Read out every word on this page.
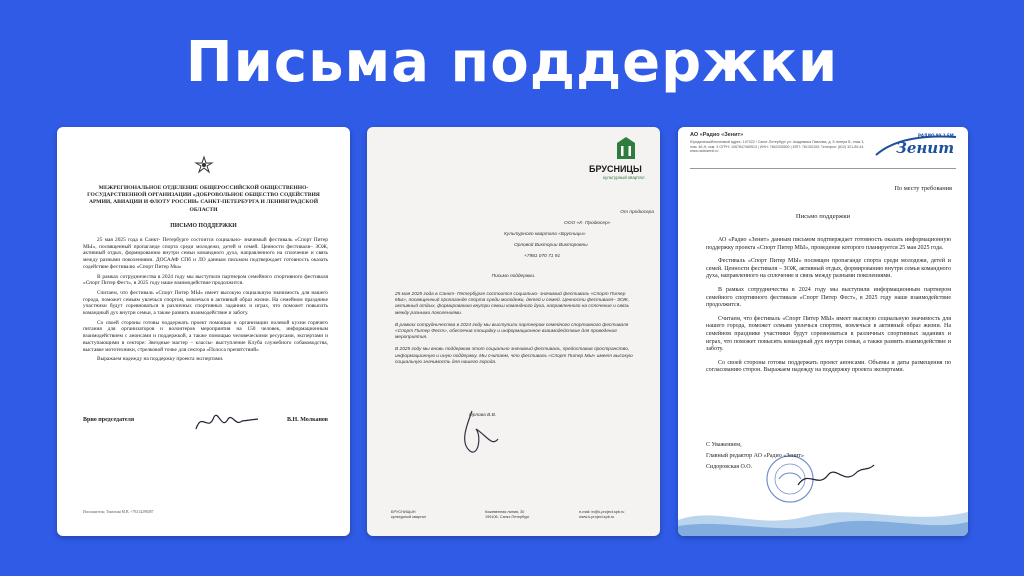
Письма поддержки
МЕЖРЕГИОНАЛЬНОЕ ОТДЕЛЕНИЕ ОБЩЕРОССИЙСКОЙ ОБЩЕСТВЕННО-ГОСУДАРСТВЕННОЙ ОРГАНИЗАЦИИ «ДОБРОВОЛЬНОЕ ОБЩЕСТВО СОДЕЙСТВИЯ АРМИИ, АВИАЦИИ И ФЛОТУ РОССИИ» САНКТ-ПЕТЕРБУРГА И ЛЕНИНГРАДСКОЙ ОБЛАСТИ
ПИСЬМО ПОДДЕРЖКИ

25 мая 2025 года в Санкт- Петербурге состоится социально- значимый фестиваль «Спорт Питер МЫ», посвященный пропаганде спорта среди молодежи, детей и семей. Ценности фестиваля– ЗОЖ, активный отдых, формированию внутри семьи командного духа, направленного на сплочение и связь между разными поколениями. ДОСААФ СПб и ЛО данным письмом подтверждает готовность оказать содействие фестивалю «Спорт Питер Мы»

В рамках сотрудничества в 2024 году мы выступили партнером семейного спортивного фестиваля «Спорт Питер Фест», в 2025 году наше взаимодействие продолжится.

Считаем, что фестиваль «Спорт Питер МЫ» имеет высокую социальную значимость для нашего города, поможет семьям увлечься спортом, вовлечься в активный образ жизни. На семейном празднике участники будут соревноваться в различных спортивных заданиях и играх, что поможет повысить командный дух внутри семьи, а также развить взаимодействие и заботу.

Со своей стороны готовы поддержать проект помощью в организации полевой кухни горячего питания для организаторов и волонтеров мероприятия на 150 человек, информационным взаимодействием с анонсами и поддержкой, а также помощью человеческими ресурсами, экспертами и выступающими в секторе: Звездные мастер – классы- выступление Клуба служебного собаководства, выставке мототехники, стрелковой точке для сектора «Полоса препятствий»

Выражаем надежду на поддержку проекта экспертами.

Врио председателя	В.Н. Молканов
Исполнитель: Тимохин М.В. +79214298487
БРУСНИЦЫ
культурный квартал
От продюсера
ООО «К- Продюсер»
Культурного квартала «Брусницы»
Орловой Виктории Викторовны
+7981 070 71 91
Письмо поддержки.

25 мая 2025 года в Санкт- Петербурге состоится социально- значимый фестиваль «Спорт Питер МЫ», посвященный пропаганде спорта среди молодежи, детей и семей. Ценности фестиваля– ЗОЖ, активный отдых, формированию внутри семьи командного духа, направленного на сплочение и связь между разными поколениями.

В рамках сотрудничества в 2024 году мы выступили партнером семейного спортивного фестиваля «Спорт Питер Фест», обеспечив площадку и информационное взаимодействие для проведения мероприятия.

В 2025 году мы вновь поддержим этот социально значимый фестиваль, предоставив пространство, информационную и иную поддержку. Мы считаем, что фестиваль «Спорт Питер МЫ» имеет высокую социальную значимость для нашего города.

Орлова В.В.
БРУСНИЦЫН
культурный квартал
Кожевенная линия, 30
199106, Санкт-Петербург
e-mail: in@k-project.spb.ru
www.k-project.spb.ru
АО «Радио «Зенит»
Юридический/почтовый адрес: 197022 / Санкт-Петербург ул. Академика Павлова, д. 5 литера В, этаж 3, пом. 46-Н, ком. 3 ОГРН: 1067847465513 | ИНН: 7842335500 | КПП: 781301001 Телефон: (812) 321-89-44 www.radiozenit.ru
РАДИО 89.1 FM
Зенит
По месту требования
Письмо поддержки

АО «Радио «Зенит» данным письмом подтверждает готовность оказать информационную поддержку проекта «Спорт Питер МЫ», проведение которого планируется 25 мая 2025 года.

Фестиваль «Спорт Питер МЫ» посвящен пропаганде спорта среди молодежи, детей и семей. Ценности фестиваля – ЗОЖ, активный отдых, формированию внутри семьи командного духа, направленного на сплочение и связь между разными поколениями.

В рамках сотрудничества в 2024 году мы выступили информационным партнером семейного спортивного фестиваля «Спорт Питер Фест», в 2025 году наше взаимодействие продолжится.

Считаем, что фестиваль «Спорт Питер МЫ» имеет высокую социальную значимость для нашего города, поможет семьям увлечься спортом, вовлечься в активный образ жизни. На семейном празднике участники будут соревноваться в различных спортивных заданиях и играх, что поможет повысить командный дух внутри семьи, а также развить взаимодействие и заботу.

Со своей стороны готовы поддержать проект анонсами. Объемы и даты размещения по согласованию сторон. Выражаем надежду на поддержку проекта экспертами.

С Уважением,
Главный редактор АО «Радио «Зенит»
Сидоровская О.О.
